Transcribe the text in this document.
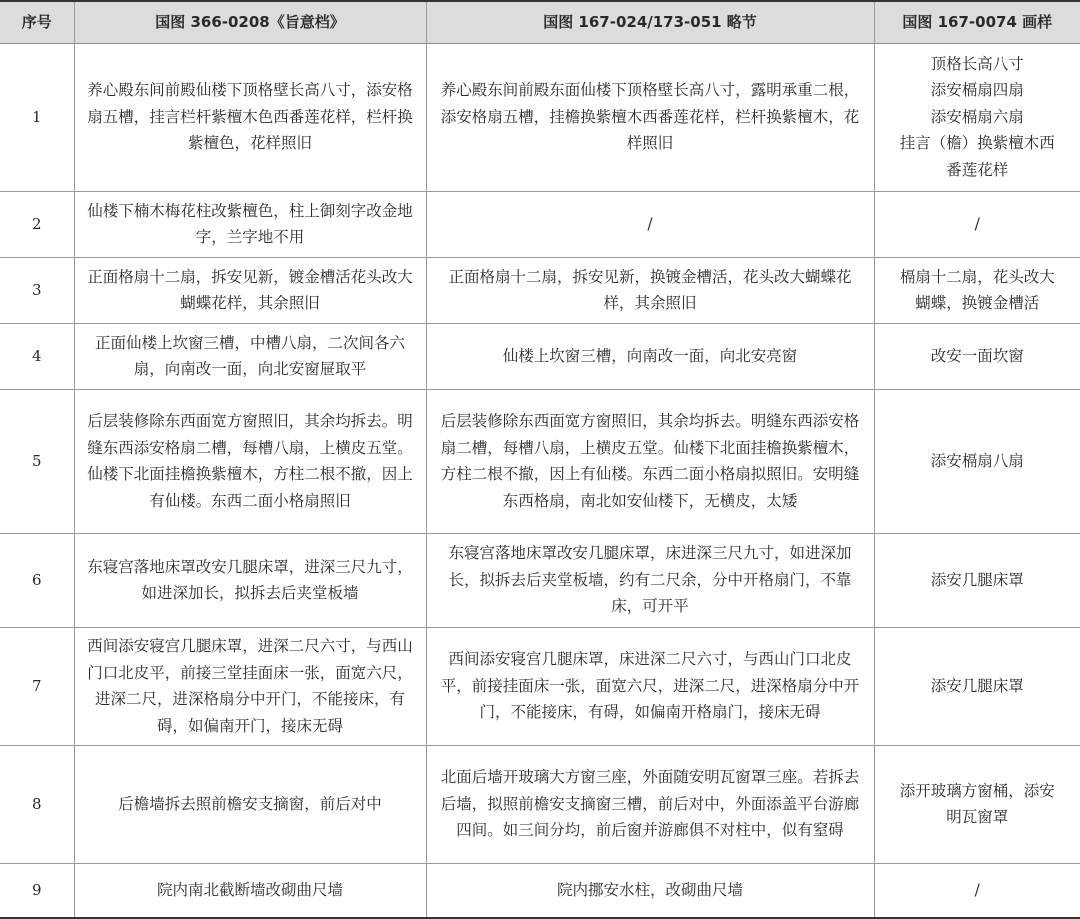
序号	国图 366-0208《旨意档》	国图 167-024/173-051 略节	国图 167-0074 画样
1	养心殿东间前殿仙楼下顶格壁长高八寸，添安格扇五槽，挂言栏杆紫檀木色西番莲花样，栏杆换紫檀色，花样照旧	养心殿东间前殿东面仙楼下顶格壁长高八寸，露明承重二根，添安格扇五槽，挂檐换紫檀木西番莲花样，栏杆换紫檀木，花样照旧	顶格长高八寸
添安槅扇四扇
添安槅扇六扇
挂言（檐）换紫檀木西
番莲花样

2	仙楼下楠木梅花柱改紫檀色，柱上御刻字改金地字，兰字地不用	/	/

3	正面格扇十二扇，拆安见新，镀金槽活花头改大蝴蝶花样，其余照旧	正面格扇十二扇，拆安见新，换镀金槽活，花头改大蝴蝶花样，其余照旧	槅扇十二扇，花头改大
蝴蝶，换镀金槽活

4	正面仙楼上坎窗三槽，中槽八扇，二次间各六扇，向南改一面，向北安窗屉取平	仙楼上坎窗三槽，向南改一面，向北安亮窗	改安一面坎窗

5	后层装修除东西面宽方窗照旧，其余均拆去。明缝东西添安格扇二槽，每槽八扇，上横皮五堂。仙楼下北面挂檐换紫檀木，方柱二根不撤，因上有仙楼。东西二面小格扇照旧	后层装修除东西面宽方窗照旧，其余均拆去。明缝东西添安格扇二槽，每槽八扇，上横皮五堂。仙楼下北面挂檐换紫檀木，方柱二根不撤，因上有仙楼。东西二面小格扇拟照旧。安明缝东西格扇，南北如安仙楼下，无横皮，太矮	添安槅扇八扇

6	东寝宫落地床罩改安几腿床罩，进深三尺九寸，如进深加长，拟拆去后夹堂板墙	东寝宫落地床罩改安几腿床罩，床进深三尺九寸，如进深加长，拟拆去后夹堂板墙，约有二尺余，分中开格扇门，不靠床，可开平	添安几腿床罩

7	西间添安寝宫几腿床罩，进深二尺六寸，与西山门口北皮平，前接三堂挂面床一张，面宽六尺，进深二尺，进深格扇分中开门，不能接床，有碍，如偏南开门，接床无碍	西间添安寝宫几腿床罩，床进深二尺六寸，与西山门口北皮平，前接挂面床一张，面宽六尺，进深二尺，进深格扇分中开门，不能接床，有碍，如偏南开格扇门，接床无碍	添安几腿床罩

8	后檐墙拆去照前檐安支摘窗，前后对中	北面后墙开玻璃大方窗三座，外面随安明瓦窗罩三座。若拆去后墙，拟照前檐安支摘窗三槽，前后对中，外面添盖平台游廊四间。如三间分均，前后窗并游廊俱不对柱中，似有窒碍	添开玻璃方窗桶，添安
明瓦窗罩

9	院内南北截断墙改砌曲尺墙	院内挪安水柱，改砌曲尺墙	/
